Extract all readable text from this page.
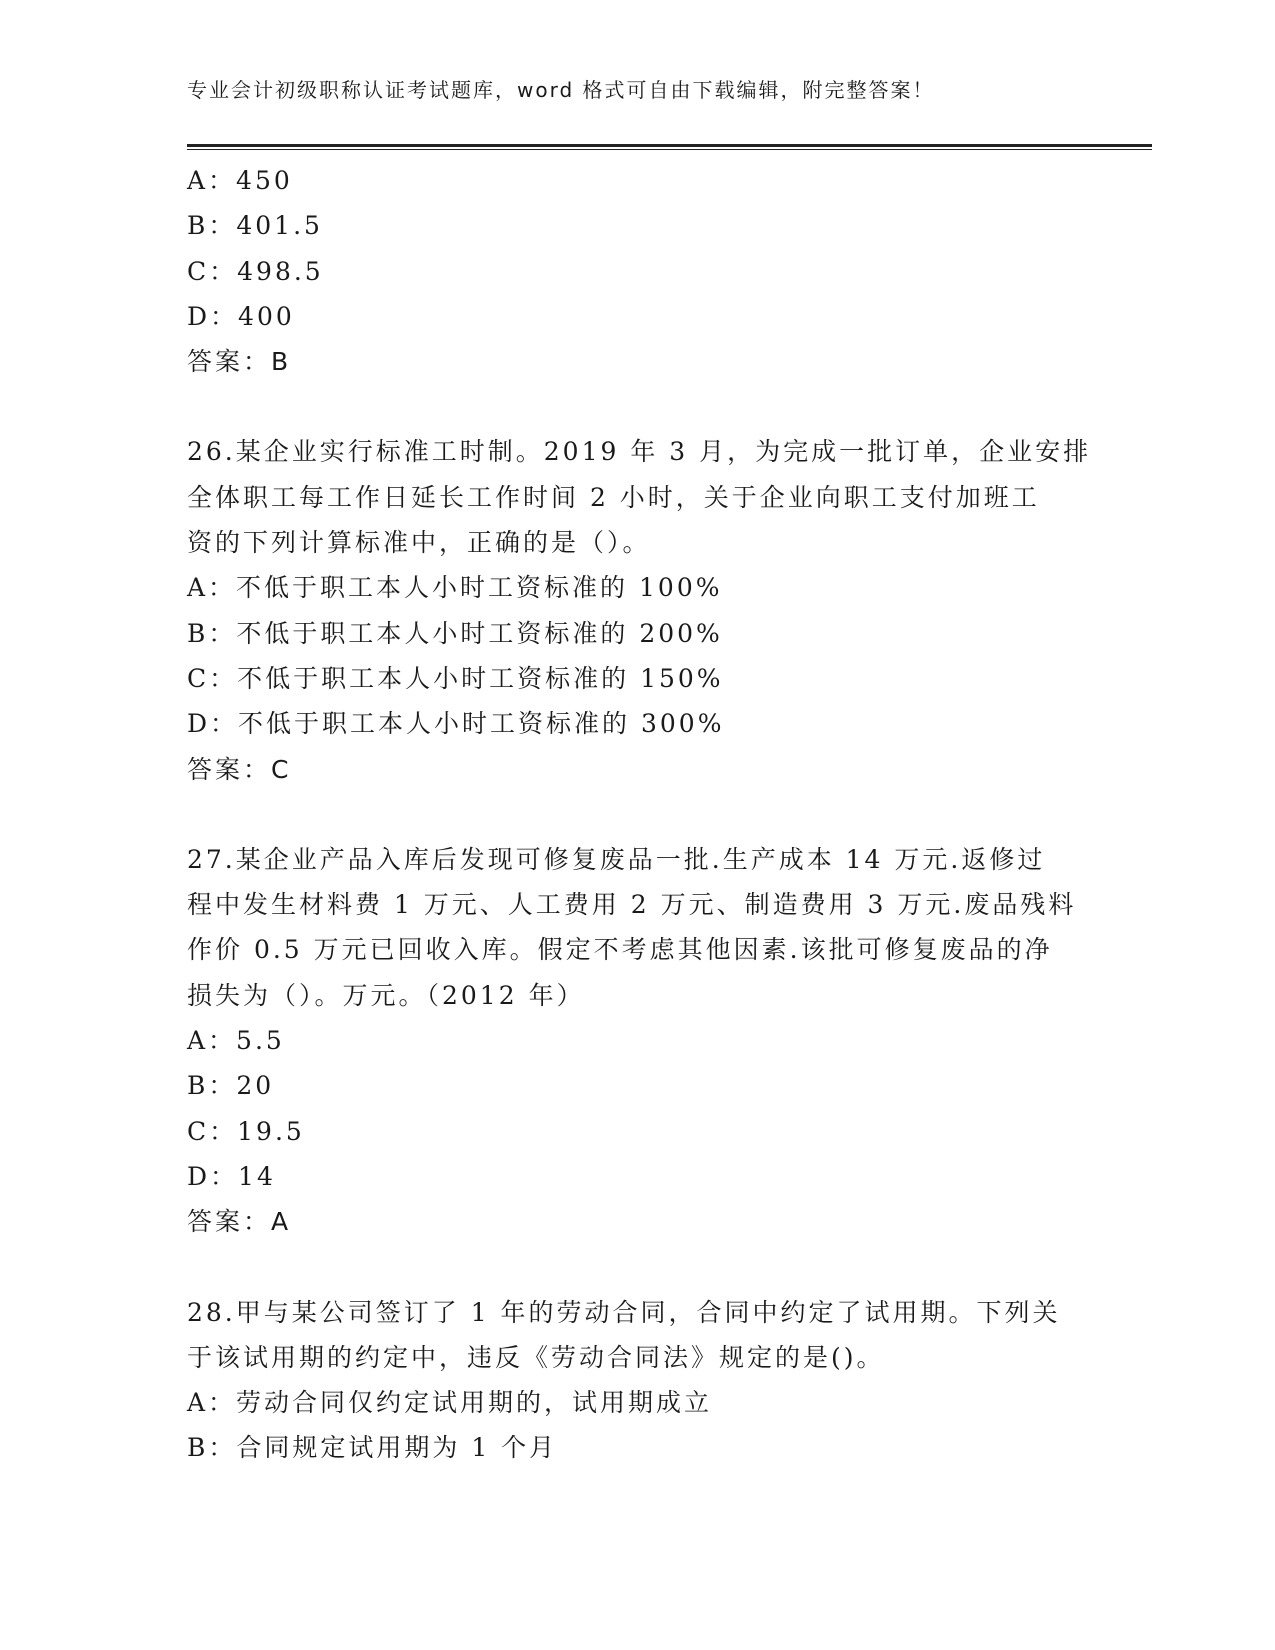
专业会计初级职称认证考试题库，word 格式可自由下载编辑，附完整答案！
A：450
B：401.5
C：498.5
D：400
答案：B
26.某企业实行标准工时制。2019 年 3 月，为完成一批订单，企业安排
全体职工每工作日延长工作时间 2 小时，关于企业向职工支付加班工
资的下列计算标准中，正确的是（）。
A：不低于职工本人小时工资标准的 100%
B：不低于职工本人小时工资标准的 200%
C：不低于职工本人小时工资标准的 150%
D：不低于职工本人小时工资标准的 300%
答案：C
27.某企业产品入库后发现可修复废品一批.生产成本 14 万元.返修过
程中发生材料费 1 万元、人工费用 2 万元、制造费用 3 万元.废品残料
作价 0.5 万元已回收入库。假定不考虑其他因素.该批可修复废品的净
损失为（）。万元。（2012 年）
A：5.5
B：20
C：19.5
D：14
答案：A
28.甲与某公司签订了 1 年的劳动合同，合同中约定了试用期。下列关
于该试用期的约定中，违反《劳动合同法》规定的是()。
A：劳动合同仅约定试用期的，试用期成立
B：合同规定试用期为 1 个月
